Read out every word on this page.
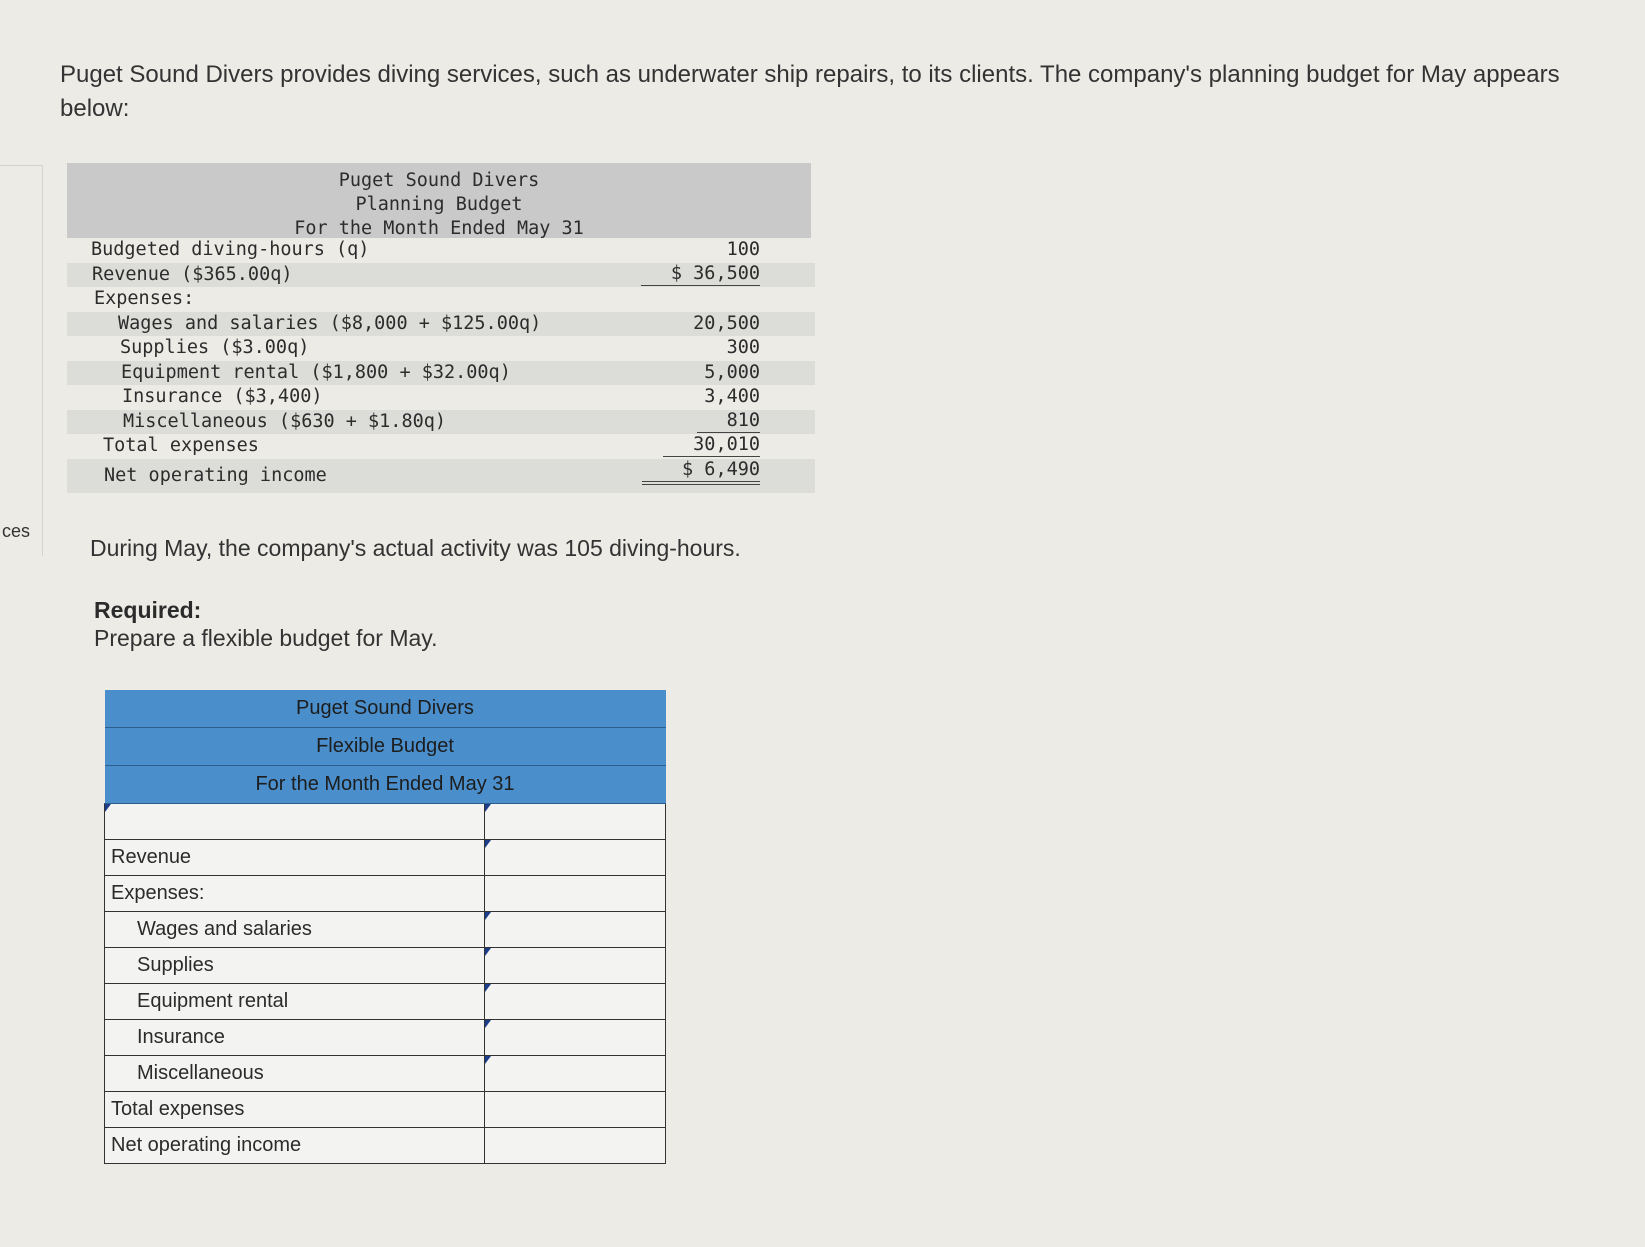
Puget Sound Divers provides diving services, such as underwater ship repairs, to its clients. The company's planning budget for May appears below:
ces
Puget Sound Divers
Planning Budget
For the Month Ended May 31
Budgeted diving-hours (q)	100
Revenue ($365.00q)	$ 36,500
Expenses:
Wages and salaries ($8,000 + $125.00q)	20,500
Supplies ($3.00q)	300
Equipment rental ($1,800 + $32.00q)	5,000
Insurance ($3,400)	3,400
Miscellaneous ($630 + $1.80q)	810
Total expenses	30,010
Net operating income	$ 6,490
During May, the company's actual activity was 105 diving-hours.
Required:
Prepare a flexible budget for May.
Puget Sound Divers	
Flexible Budget	
For the Month Ended May 31	

Revenue	
Expenses:	
Wages and salaries	
Supplies	
Equipment rental	
Insurance	
Miscellaneous	
Total expenses	
Net operating income	
